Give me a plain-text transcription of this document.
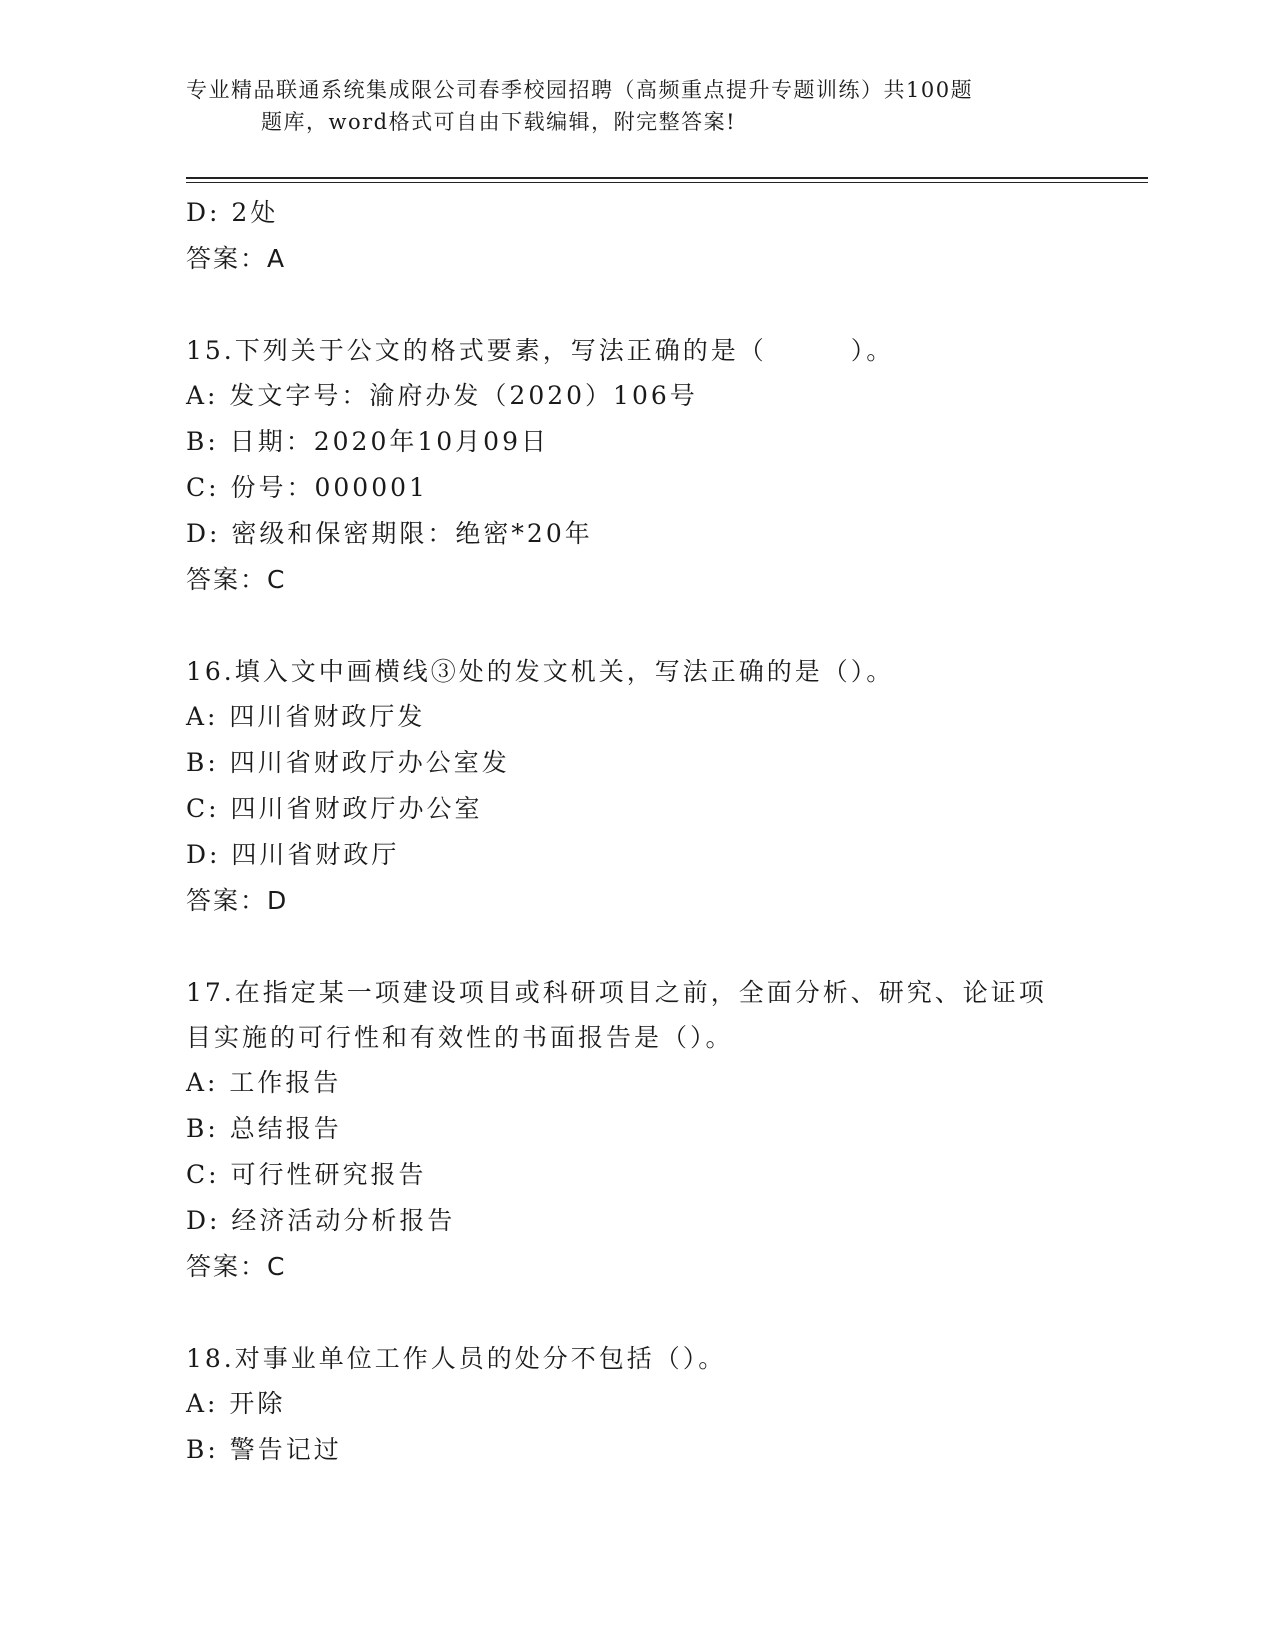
专业精品联通系统集成限公司春季校园招聘（高频重点提升专题训练）共100题
题库，word格式可自由下载编辑，附完整答案!
D: 2处
答案：A
15.下列关于公文的格式要素，写法正确的是（　　　）。
A: 发文字号：渝府办发（2020）106号
B: 日期：2020年10月09日
C: 份号：000001
D: 密级和保密期限：绝密*20年
答案：C
16.填入文中画横线③处的发文机关，写法正确的是（）。
A: 四川省财政厅发
B: 四川省财政厅办公室发
C: 四川省财政厅办公室
D: 四川省财政厅
答案：D
17.在指定某一项建设项目或科研项目之前，全面分析、研究、论证项
目实施的可行性和有效性的书面报告是（）。
A: 工作报告
B: 总结报告
C: 可行性研究报告
D: 经济活动分析报告
答案：C
18.对事业单位工作人员的处分不包括（）。
A: 开除
B: 警告记过
